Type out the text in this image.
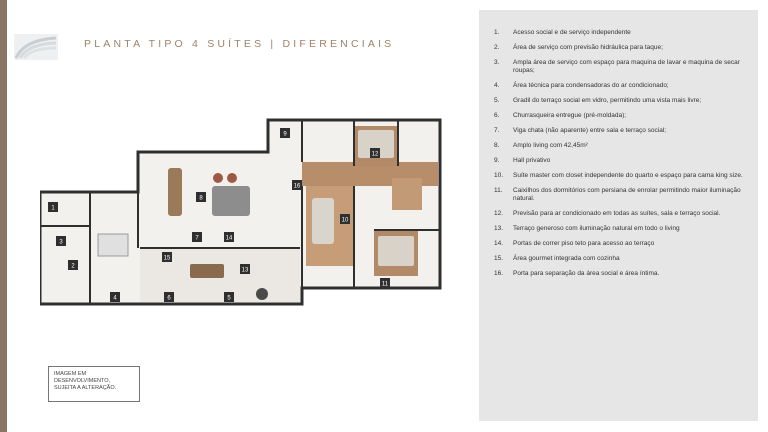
PLANTA TIPO 4 SUÍTES | DIFERENCIAIS
1
2
3
4	5
6
7
8
9
10
11
12
13
14
15
16
IMAGEM EM
DESENVOLVIMENTO,
SUJEITA A ALTERAÇÃO.
1.	Acesso social e de serviço independente
2.	Área de serviço com previsão hidráulica para taque;
3.	Ampla área de serviço com espaço para maquina de lavar e maquina de secar roupas;
4.	Área técnica para condensadoras do ar condicionado;
5.	Gradil do terraço social em vidro, permitindo uma vista mais livre;
6.	Churrasqueira entregue (pré-moldada);
7.	Viga chata (não aparente) entre sala e terraço social;
8.	Amplo living com 42,45m²
9.	Hall privativo
10.	Suíte master com closet independente do quarto e espaço para cama king size.
11.	Caixilhos dos dormitórios com persiana de enrolar permitindo maior iluminação natural.
12.	Previsão para ar condicionado em todas as suítes, sala e terraço social.
13.	Terraço generoso com iluminação natural em todo o living
14.	Portas de correr piso teto para acesso ao terraço
15.	Área gourmet integrada com cozinha
16.	Porta para separação da área social e área íntima.
